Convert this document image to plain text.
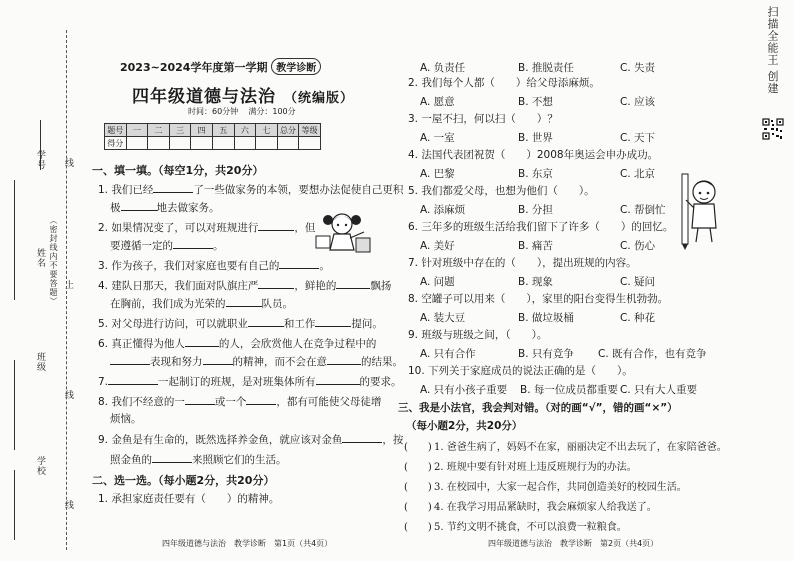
学号
姓名 （密封线内不要答题）
班级
学校
线
上
线
线
2023~2024学年度第一学期 教学诊断
四年级道德与法治 （统编版）
时间：60分钟 满分：100分
题号	一	二	三	四	五	六	七	总分	等级
得分									
一、填一填。（每空1分，共20分）
1. 我们已经	了一些做家务的本领，要想办法促使自己更积
极	地去做家务。
2. 如果情况变了，可以对班规进行	，但
要遵循一定的	。
3. 作为孩子，我们对家庭也要有自己的	。
4. 建队日那天，我们面对队旗庄严	，鲜艳的	飘扬
在胸前，我们成为光荣的	队员。
5. 对父母进行访问，可以就职业	和工作	提问。
6. 真正懂得为他人	的人，会欣赏他人在竞争过程中的
表现和努力	的精神，而不会在意	的结果。
7.	一起制订的班规，是对班集体所有	的要求。
8. 我们不经意的一	或一个	，都有可能使父母徒增
烦恼。
9. 金鱼是有生命的，既然选择养金鱼，就应该对金鱼	，按
照金鱼的	来照顾它们的生活。
二、选一选。（每小题2分，共20分）
1. 承担家庭责任要有（　　）的精神。
四年级道德与法治　教学诊断　第1页（共4页）
A. 负责任	B. 推脱责任	C. 失责
2. 我们每个人都（　　）给父母添麻烦。
A. 愿意	B. 不想	C. 应该
3. 一屋不扫，何以扫（　　）？
A. 一室	B. 世界	C. 天下
4. 法国代表团祝贺（　　）2008年奥运会申办成功。
A. 巴黎	B. 东京	C. 北京
5. 我们都爱父母，也想为他们（　　）。
A. 添麻烦	B. 分担	C. 帮倒忙
6. 三年多的班级生活给我们留下了许多（　　）的回忆。
A. 美好	B. 痛苦	C. 伤心
7. 针对班级中存在的（　　），提出班规的内容。
A. 问题	B. 现象	C. 疑问
8. 空罐子可以用来（　　），家里的阳台变得生机勃勃。
A. 装大豆	B. 做垃圾桶	C. 种花
9. 班级与班级之间，（　　）。
A. 只有合作	B. 只有竞争 C. 既有合作，也有竞争
10. 下列关于家庭成员的说法正确的是（　　）。
A. 只有小孩子重要 B. 每一位成员都重要 C. 只有大人重要
三、我是小法官，我会判对错。（对的画“√”，错的画“×”）
（每小题2分，共20分）
(　　) 1. 爸爸生病了，妈妈不在家，丽丽决定不出去玩了，在家陪爸爸。
(　　) 2. 班规中要有针对班上违反班规行为的办法。
(　　) 3. 在校园中，大家一起合作，共同创造美好的校园生活。
(　　) 4. 在我学习用品紧缺时，我会麻烦家人给我送了。
(　　) 5. 节约文明不挑食，不可以浪费一粒粮食。
四年级道德与法治　教学诊断　第2页（共4页）
扫描全能王 创建
